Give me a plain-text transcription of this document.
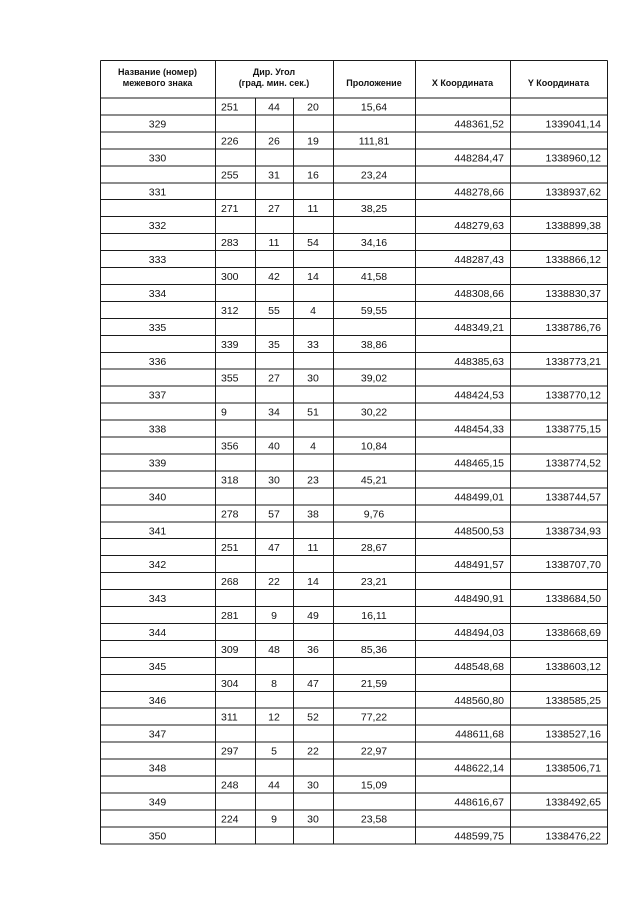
Название (номер)
межевого знака
Дир. Угол
(град. мин. сек.)	Проложение	X Координата	Y Координата
251	44	20	15,64
329	448361,52	1339041,14
226	26	19	111,81
330	448284,47	1338960,12
255	31	16	23,24
331	448278,66	1338937,62
271	27	11	38,25
332	448279,63	1338899,38
283	11	54	34,16
333	448287,43	1338866,12
300	42	14	41,58
334	448308,66	1338830,37
312	55	4	59,55
335	448349,21	1338786,76
339	35	33	38,86
336	448385,63	1338773,21
355	27	30	39,02
337	448424,53	1338770,12
9	34	51	30,22
338	448454,33	1338775,15
356	40	4	10,84
339	448465,15	1338774,52
318	30	23	45,21
340	448499,01	1338744,57
278	57	38	9,76
341	448500,53	1338734,93
251	47	11	28,67
342	448491,57	1338707,70
268	22	14	23,21
343	448490,91	1338684,50
281	9	49	16,11
344	448494,03	1338668,69
309	48	36	85,36
345	448548,68	1338603,12
304	8	47	21,59
346	448560,80	1338585,25
311	12	52	77,22
347	448611,68	1338527,16
297	5	22	22,97
348	448622,14	1338506,71
248	44	30	15,09
349	448616,67	1338492,65
224	9	30	23,58
350	448599,75	1338476,22
